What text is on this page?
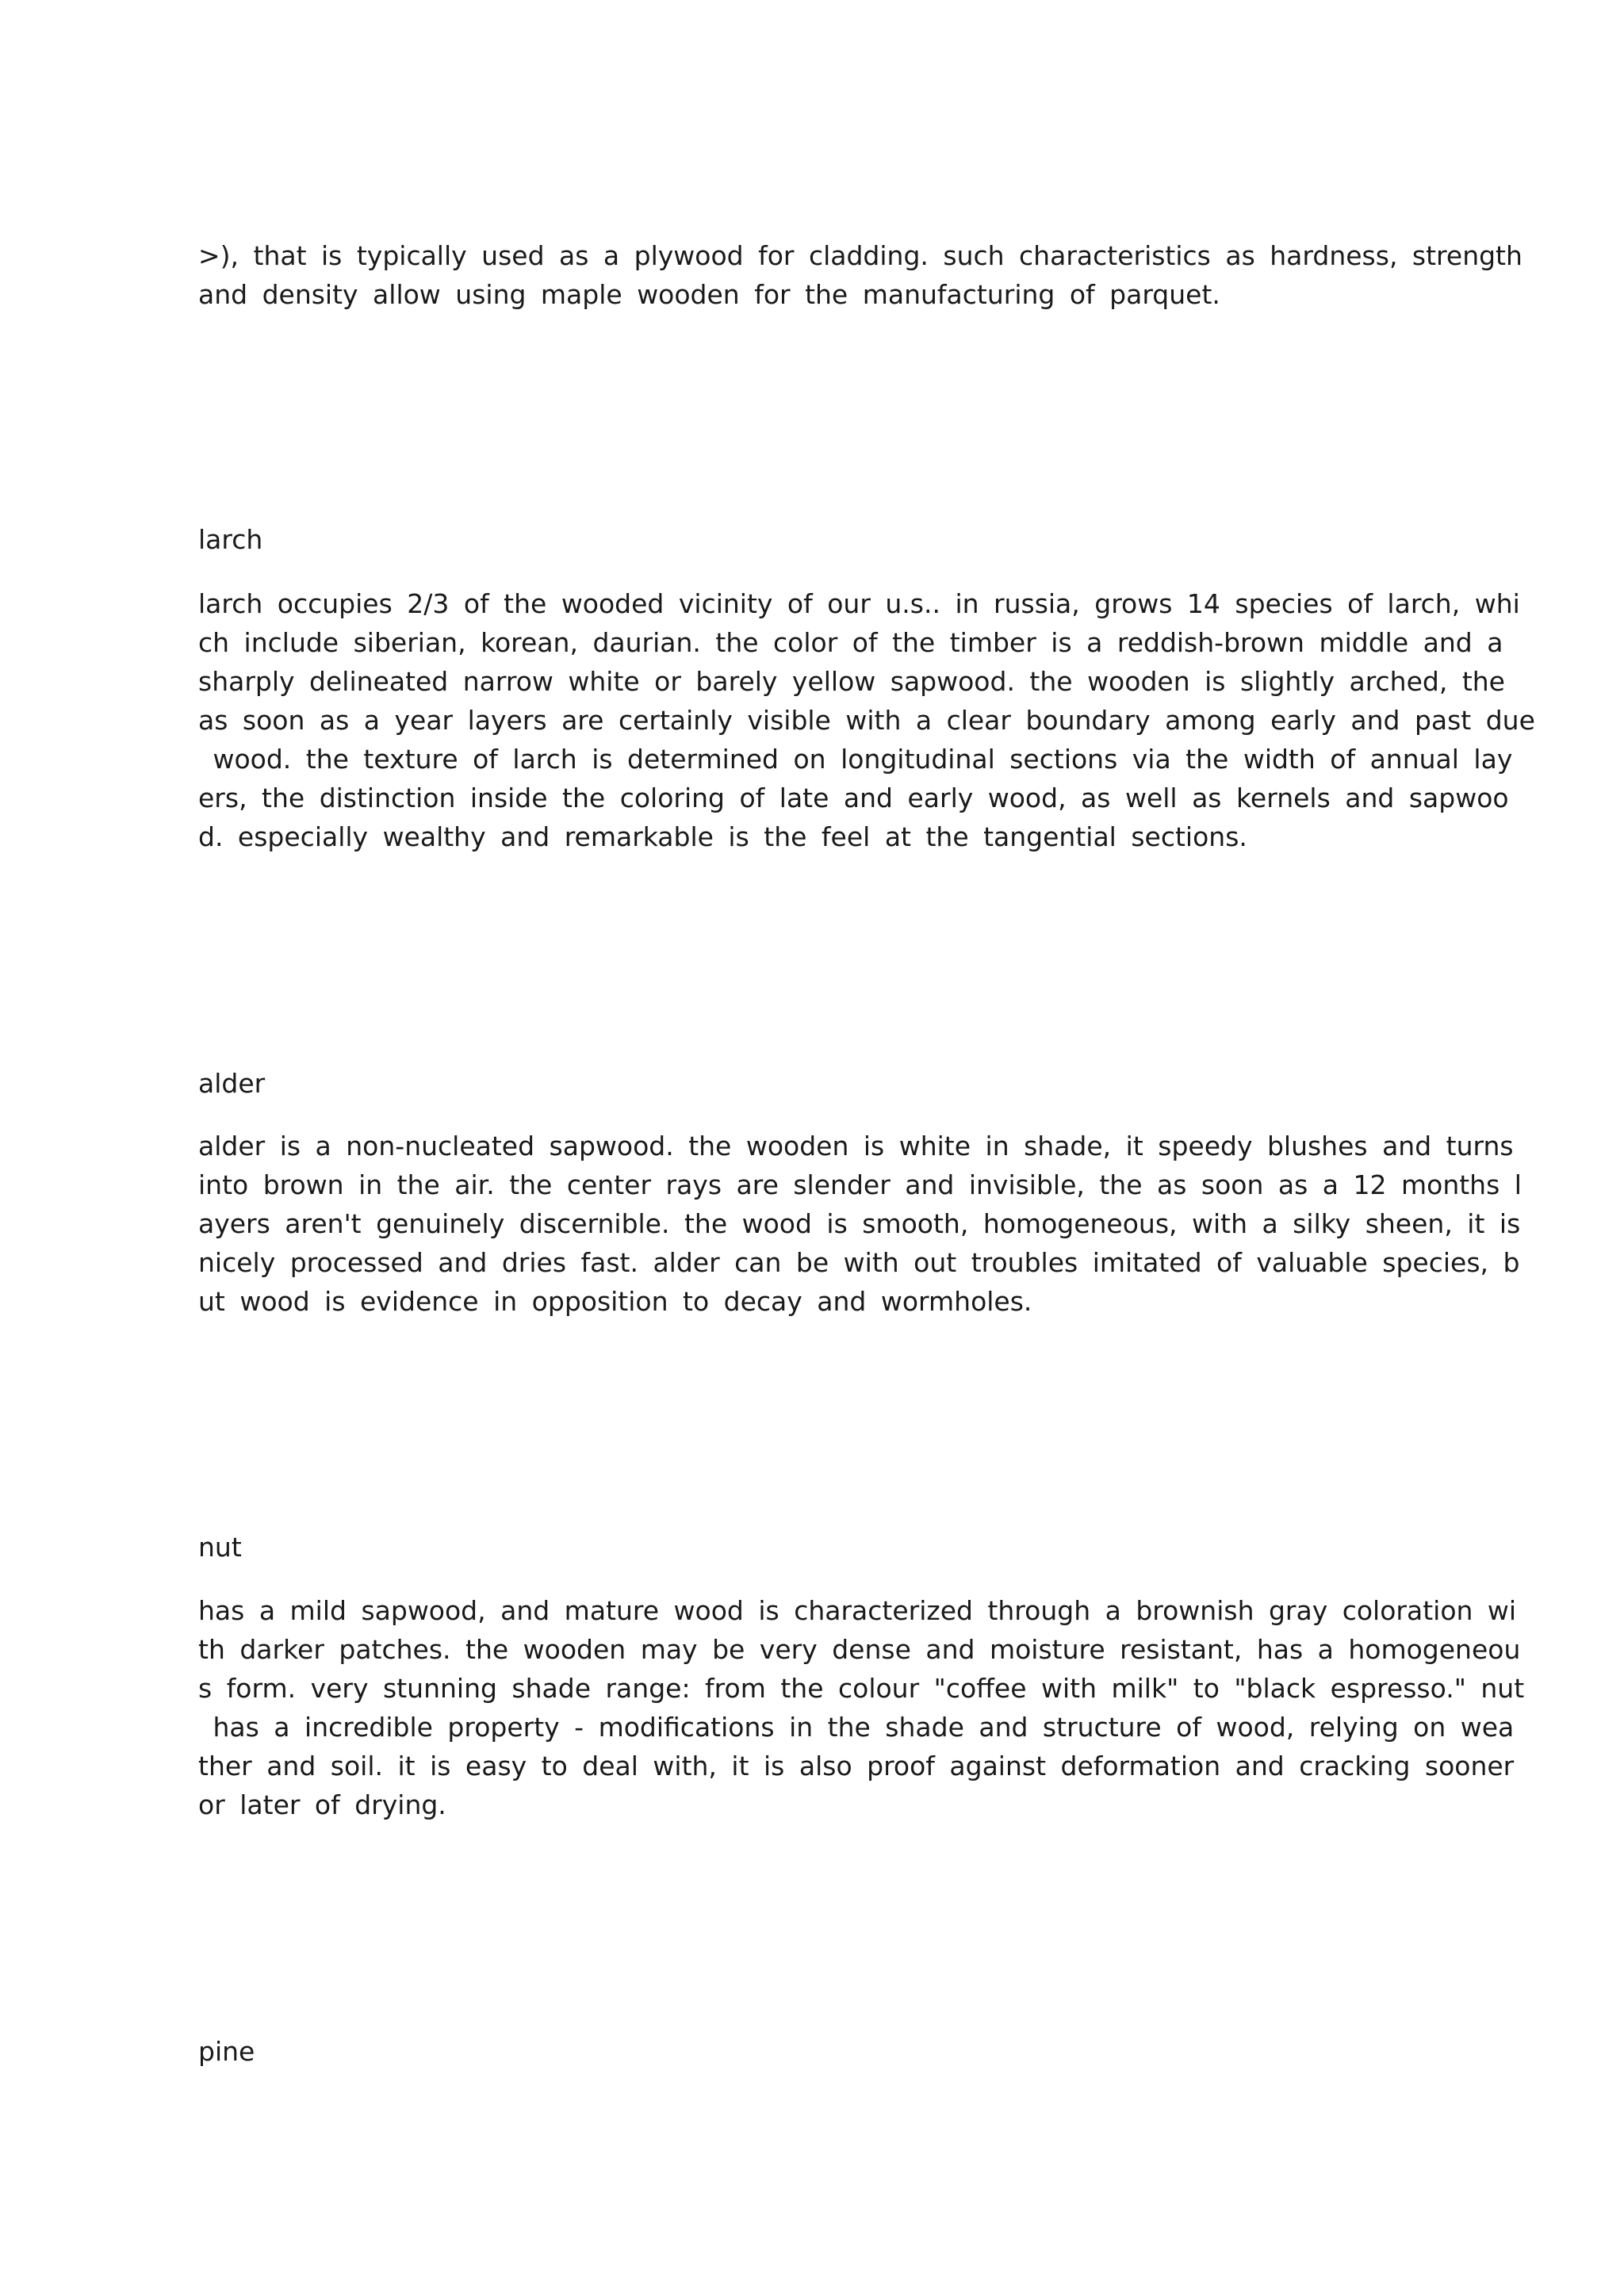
>), that is typically used as a plywood for cladding. such characteristics as hardness, strength
and density allow using maple wooden for the manufacturing of parquet.
larch
larch occupies 2/3 of the wooded vicinity of our u.s.. in russia, grows 14 species of larch, whi
ch include siberian, korean, daurian. the color of the timber is a reddish-brown middle and a
sharply delineated narrow white or barely yellow sapwood. the wooden is slightly arched, the
as soon as a year layers are certainly visible with a clear boundary among early and past due
wood. the texture of larch is determined on longitudinal sections via the width of annual lay
ers, the distinction inside the coloring of late and early wood, as well as kernels and sapwoo
d. especially wealthy and remarkable is the feel at the tangential sections.
alder
alder is a non-nucleated sapwood. the wooden is white in shade, it speedy blushes and turns
into brown in the air. the center rays are slender and invisible, the as soon as a 12 months l
ayers aren't genuinely discernible. the wood is smooth, homogeneous, with a silky sheen, it is
nicely processed and dries fast. alder can be with out troubles imitated of valuable species, b
ut wood is evidence in opposition to decay and wormholes.
nut
has a mild sapwood, and mature wood is characterized through a brownish gray coloration wi
th darker patches. the wooden may be very dense and moisture resistant, has a homogeneou
s form. very stunning shade range: from the colour "coffee with milk" to "black espresso." nut
has a incredible property - modifications in the shade and structure of wood, relying on wea
ther and soil. it is easy to deal with, it is also proof against deformation and cracking sooner
or later of drying.
pine
